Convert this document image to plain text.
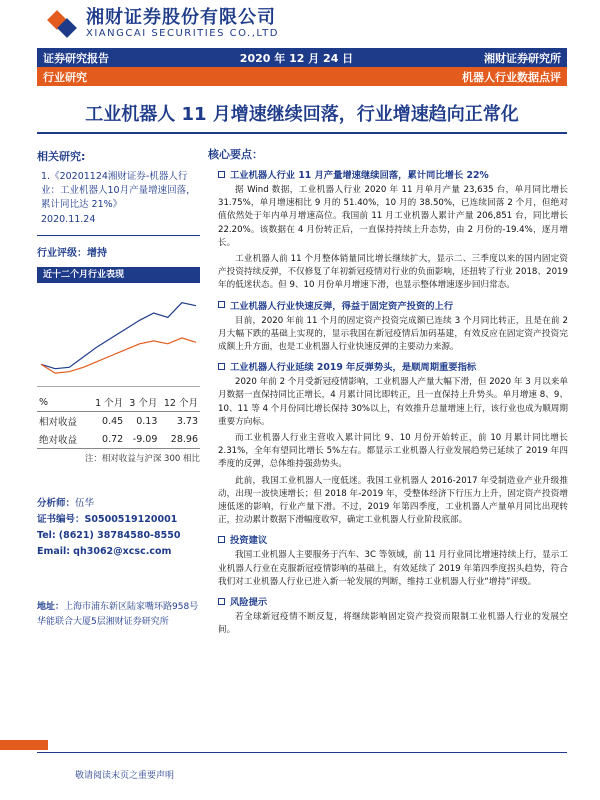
湘财证券股份有限公司
XIANGCAI SECURITIES CO.,LTD
证券研究报告	2020 年 12 月 24 日	湘财证券研究所
行业研究	机器人行业数据点评
工业机器人 11 月增速继续回落，行业增速趋向正常化
相关研究:
1.《20201124湘财证券-机器人行业：工业机器人10月产量增速回落，累计同比达 21%》
2020.11.24
行业评级：增持
近十二个月行业表现
%	1 个月	3 个月	12 个月
相对收益	0.45	0.13	3.73
绝对收益	0.72	-9.09	28.96
注：相对收益与沪深 300 相比
分析师：伍华
证书编号：S0500519120001
Tel: (8621) 38784580-8550
Email: qh3062@xcsc.com
地址：上海市浦东新区陆家嘴环路958号华能联合大厦5层湘财证券研究所
核心要点：
工业机器人行业 11 月产量增速继续回落，累计同比增长 22%
据 Wind 数据，工业机器人行业 2020 年 11 月单月产量 23,635 台，单月同比增长 31.75%，单月增速相比 9 月的 51.40%，10 月的 38.50%，已连续回落 2 个月，但绝对值依然处于年内单月增速高位。我国前 11 月工业机器人累计产量 206,851 台，同比增长 22.20%。该数据在 4 月份转正后，一直保持持续上升态势，由 2 月份的-19.4%，逐月增长。
工业机器人前 11 个月整体销量同比增长继续扩大，显示二、三季度以来的国内固定资产投资持续反弹，不仅修复了年初新冠疫情对行业的负面影响，还扭转了行业 2018、2019 年的低迷状态。但 9、10 月份单月增速下滑，也显示整体增速逐步回归常态。
工业机器人行业快速反弹，得益于固定资产投资的上行
目前，2020 年前 11 个月的固定资产投资完成额已连续 3 个月同比转正，且是在前 2 月大幅下跌的基础上实现的，显示我国在新冠疫情后加码基建，有效反应在固定资产投资完成额上升方面，也是工业机器人行业快速反弹的主要动力来源。
工业机器人行业延续 2019 年反弹势头，是顺周期重要指标
2020 年前 2 个月受新冠疫情影响，工业机器人产量大幅下滑，但 2020 年 3 月以来单月数据一直保持同比正增长，4 月累计同比即转正，且一直保持上升势头。单月增速 8、9、10、11 等 4 个月份同比增长保持 30%以上，有效推升总量增速上行，该行业也成为顺周期重要方向标。
而工业机器人行业主营收入累计同比 9、10 月份开始转正，前 10 月累计同比增长 2.31%，全年有望同比增长 5%左右。都显示工业机器人行业发展趋势已延续了 2019 年四季度的反弹，总体维持强劲势头。
此前，我国工业机器人一度低迷。我国工业机器人 2016-2017 年受制造业产业升级推动，出现一波快速增长；但 2018 年-2019 年，受整体经济下行压力上升，固定资产投资增速低迷的影响，行业产量下滑。不过，2019 年第四季度，工业机器人产量单月同比出现转正，拉动累计数据下滑幅度收窄，确定工业机器人行业阶段底部。
投资建议
我国工业机器人主要服务于汽车、3C 等领域，前 11 月行业同比增速持续上行，显示工业机器人行业在克服新冠疫情影响的基础上，有效延续了 2019 年第四季度拐头趋势，符合我们对工业机器人行业已进入新一轮发展的判断，维持工业机器人行业“增持”评级。
风险提示
若全球新冠疫情不断反复，将继续影响固定资产投资而限制工业机器人行业的发展空间。
敬请阅读末页之重要声明
